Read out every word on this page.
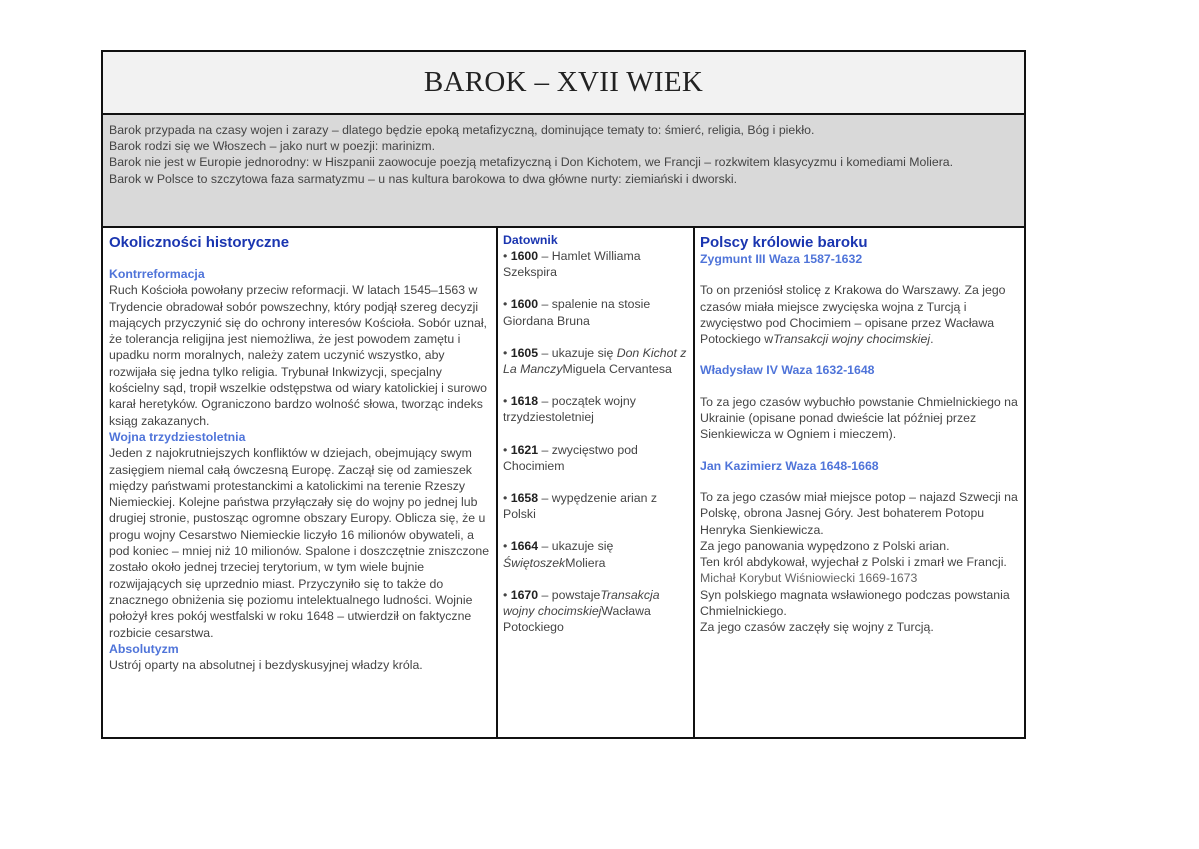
BAROK – XVII WIEK

Barok przypada na czasy wojen i zarazy – dlatego będzie epoką metafizyczną, dominujące tematy to: śmierć, religia, Bóg i piekło.

Barok rodzi się we Włoszech – jako nurt w poezji: marinizm.

Barok nie jest w Europie jednorodny: w Hiszpanii zaowocuje poezją metafizyczną i Don Kichotem, we Francji – rozkwitem klasycyzmu i komediami Moliera.

Barok w Polsce to szczytowa faza sarmatyzmu – u nas kultura barokowa to dwa główne nurty: ziemiański i dworski.

Okoliczności historyczne

Kontrreformacja

Ruch Kościoła powołany przeciw reformacji. W latach 1545–1563 w Trydencie obradował sobór powszechny, który podjął szereg decyzji mających przyczynić się do ochrony interesów Kościoła. Sobór uznał, że tolerancja religijna jest niemożliwa, że jest powodem zamętu i upadku norm moralnych, należy zatem uczynić wszystko, aby rozwijała się jedna tylko religia. Trybunał Inkwizycji, specjalny kościelny sąd, tropił wszelkie odstępstwa od wiary katolickiej i surowo karał heretyków. Ograniczono bardzo wolność słowa, tworząc indeks ksiąg zakazanych.

Wojna trzydziestoletnia

Jeden z najokrutniejszych konfliktów w dziejach, obejmujący swym zasięgiem niemal całą ówczesną Europę. Zaczął się od zamieszek między państwami protestanckimi a katolickimi na terenie Rzeszy Niemieckiej. Kolejne państwa przyłączały się do wojny po jednej lub drugiej stronie, pustosząc ogromne obszary Europy. Oblicza się, że u progu wojny Cesarstwo Niemieckie liczyło 16 milionów obywateli, a pod koniec – mniej niż 10 milionów. Spalone i doszczętnie zniszczone zostało około jednej trzeciej terytorium, w tym wiele bujnie rozwijających się uprzednio miast. Przyczyniło się to także do znacznego obniżenia się poziomu intelektualnego ludności. Wojnie położył kres pokój westfalski w roku 1648 – utwierdził on faktyczne rozbicie cesarstwa.

Absolutyzm

Ustrój oparty na absolutnej i bezdyskusyjnej władzy króla.

Datownik

• 1600 – Hamlet Williama Szekspira

• 1600 – spalenie na stosie Giordana Bruna

• 1605 – ukazuje się Don Kichot z La ManczyMiguela Cervantesa

• 1618 – początek wojny trzydziestoletniej

• 1621 – zwycięstwo pod Chocimiem

• 1658 – wypędzenie arian z Polski

• 1664 – ukazuje się ŚwiętoszekMoliera

• 1670 – powstajeTransakcja wojny chocimskiejWacława Potockiego

Polscy królowie baroku

Zygmunt III Waza 1587-1632

To on przeniósł stolicę z Krakowa do Warszawy. Za jego czasów miała miejsce zwycięska wojna z Turcją i zwycięstwo pod Chocimiem – opisane przez Wacława Potockiego wTransakcji wojny chocimskiej.

Władysław IV Waza 1632-1648

To za jego czasów wybuchło powstanie Chmielnickiego na Ukrainie (opisane ponad dwieście lat później przez Sienkiewicza w Ogniem i mieczem).

Jan Kazimierz Waza 1648-1668

To za jego czasów miał miejsce potop – najazd Szwecji na Polskę, obrona Jasnej Góry. Jest bohaterem Potopu Henryka Sienkiewicza.

Za jego panowania wypędzono z Polski arian.

Ten król abdykował, wyjechał z Polski i zmarł we Francji.

Michał Korybut Wiśniowiecki 1669-1673

Syn polskiego magnata wsławionego podczas powstania Chmielnickiego.

Za jego czasów zaczęły się wojny z Turcją.
